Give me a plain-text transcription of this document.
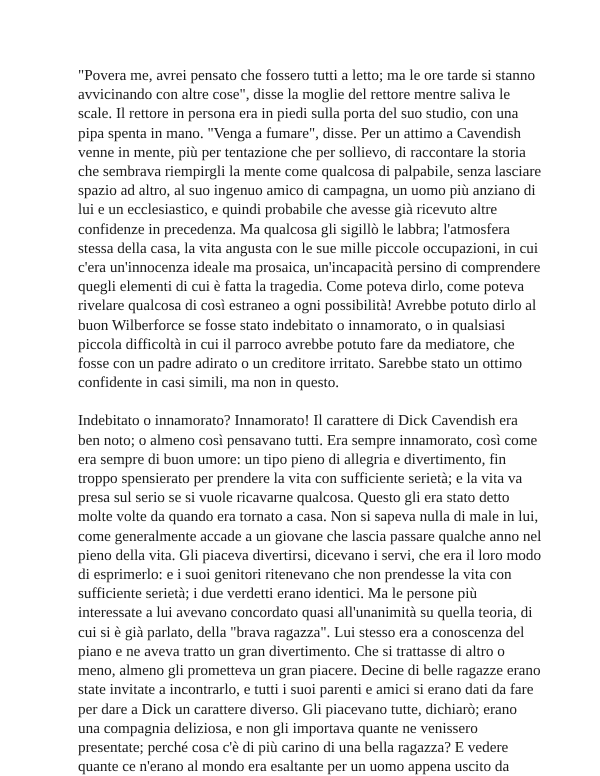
"Povera me, avrei pensato che fossero tutti a letto; ma le ore tarde si stanno
avvicinando con altre cose", disse la moglie del rettore mentre saliva le
scale. Il rettore in persona era in piedi sulla porta del suo studio, con una
pipa spenta in mano. "Venga a fumare", disse. Per un attimo a Cavendish
venne in mente, più per tentazione che per sollievo, di raccontare la storia
che sembrava riempirgli la mente come qualcosa di palpabile, senza lasciare
spazio ad altro, al suo ingenuo amico di campagna, un uomo più anziano di
lui e un ecclesiastico, e quindi probabile che avesse già ricevuto altre
confidenze in precedenza. Ma qualcosa gli sigillò le labbra; l'atmosfera
stessa della casa, la vita angusta con le sue mille piccole occupazioni, in cui
c'era un'innocenza ideale ma prosaica, un'incapacità persino di comprendere
quegli elementi di cui è fatta la tragedia. Come poteva dirlo, come poteva
rivelare qualcosa di così estraneo a ogni possibilità! Avrebbe potuto dirlo al
buon Wilberforce se fosse stato indebitato o innamorato, o in qualsiasi
piccola difficoltà in cui il parroco avrebbe potuto fare da mediatore, che
fosse con un padre adirato o un creditore irritato. Sarebbe stato un ottimo
confidente in casi simili, ma non in questo.
Indebitato o innamorato? Innamorato! Il carattere di Dick Cavendish era
ben noto; o almeno così pensavano tutti. Era sempre innamorato, così come
era sempre di buon umore: un tipo pieno di allegria e divertimento, fin
troppo spensierato per prendere la vita con sufficiente serietà; e la vita va
presa sul serio se si vuole ricavarne qualcosa. Questo gli era stato detto
molte volte da quando era tornato a casa. Non si sapeva nulla di male in lui,
come generalmente accade a un giovane che lascia passare qualche anno nel
pieno della vita. Gli piaceva divertirsi, dicevano i servi, che era il loro modo
di esprimerlo: e i suoi genitori ritenevano che non prendesse la vita con
sufficiente serietà; i due verdetti erano identici. Ma le persone più
interessate a lui avevano concordato quasi all'unanimità su quella teoria, di
cui si è già parlato, della "brava ragazza". Lui stesso era a conoscenza del
piano e ne aveva tratto un gran divertimento. Che si trattasse di altro o
meno, almeno gli prometteva un gran piacere. Decine di belle ragazze erano
state invitate a incontrarlo, e tutti i suoi parenti e amici si erano dati da fare
per dare a Dick un carattere diverso. Gli piacevano tutte, dichiarò; erano
una compagnia deliziosa, e non gli importava quante ne venissero
presentate; perché cosa c'è di più carino di una bella ragazza? E vedere
quante ce n'erano al mondo era esaltante per un uomo appena uscito da
